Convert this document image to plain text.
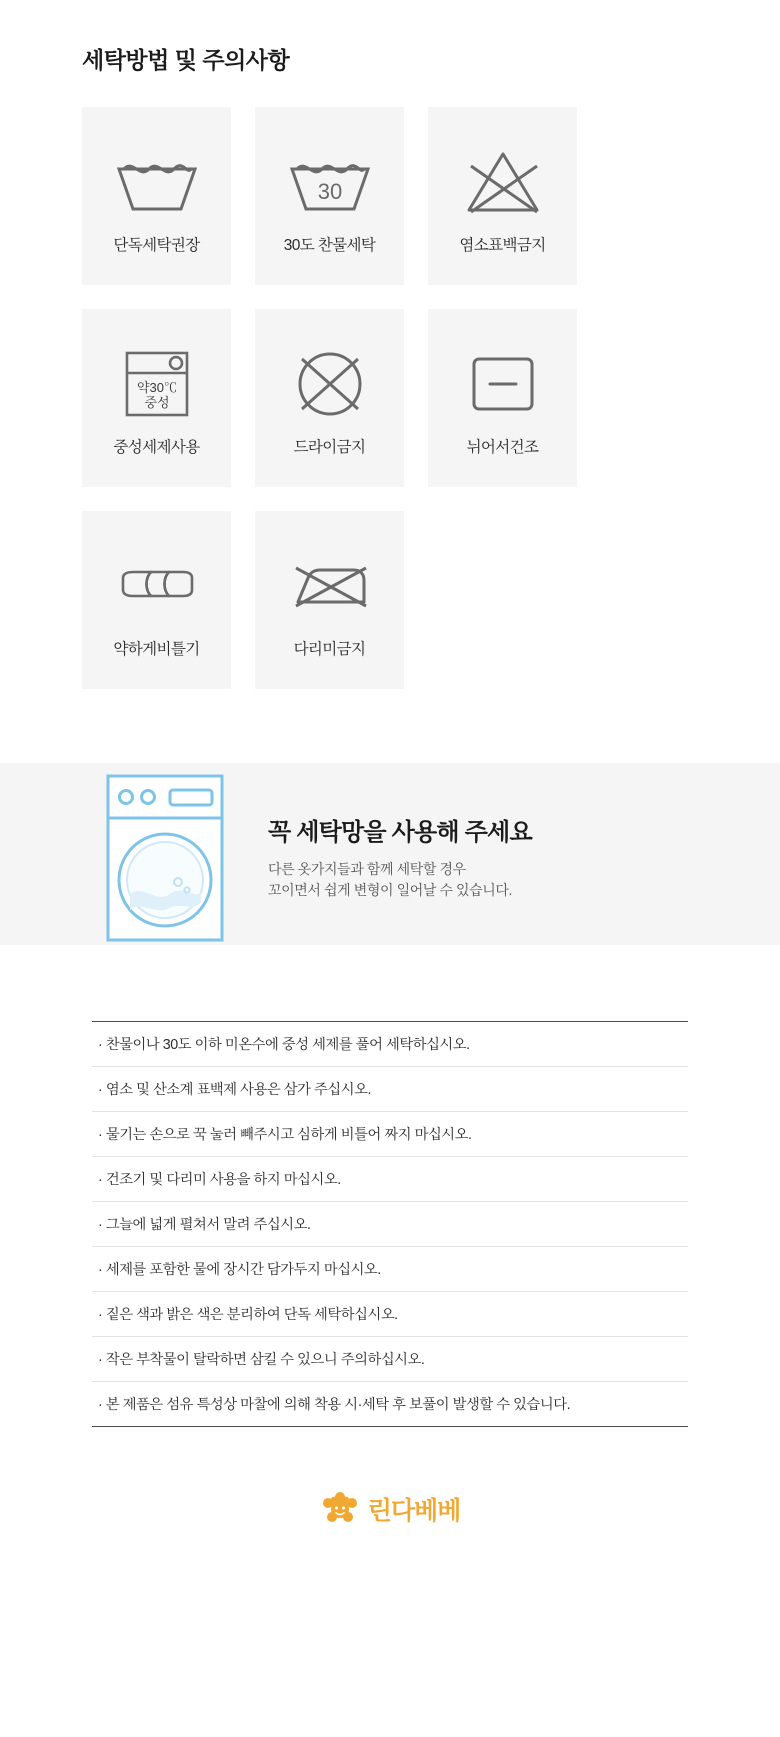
세탁방법 및 주의사항
단독세탁권장
30
30도 찬물세탁	염소표백금지
약30℃
중성
중성세제사용	드라이금지	뉘어서건조
약하게비틀기	다리미금지
꼭 세탁망을 사용해 주세요
다른 옷가지들과 함께 세탁할 경우
꼬이면서 쉽게 변형이 일어날 수 있습니다.
· 찬물이나 30도 이하 미온수에 중성 세제를 풀어 세탁하십시오.
· 염소 및 산소계 표백제 사용은 삼가 주십시오.
· 물기는 손으로 꾹 눌러 빼주시고 심하게 비틀어 짜지 마십시오.
· 건조기 및 다리미 사용을 하지 마십시오.
· 그늘에 넓게 펼쳐서 말려 주십시오.
· 세제를 포함한 물에 장시간 담가두지 마십시오.
· 짙은 색과 밝은 색은 분리하여 단독 세탁하십시오.
· 작은 부착물이 탈락하면 삼킬 수 있으니 주의하십시오.
· 본 제품은 섬유 특성상 마찰에 의해 착용 시·세탁 후 보풀이 발생할 수 있습니다.
린다베베
